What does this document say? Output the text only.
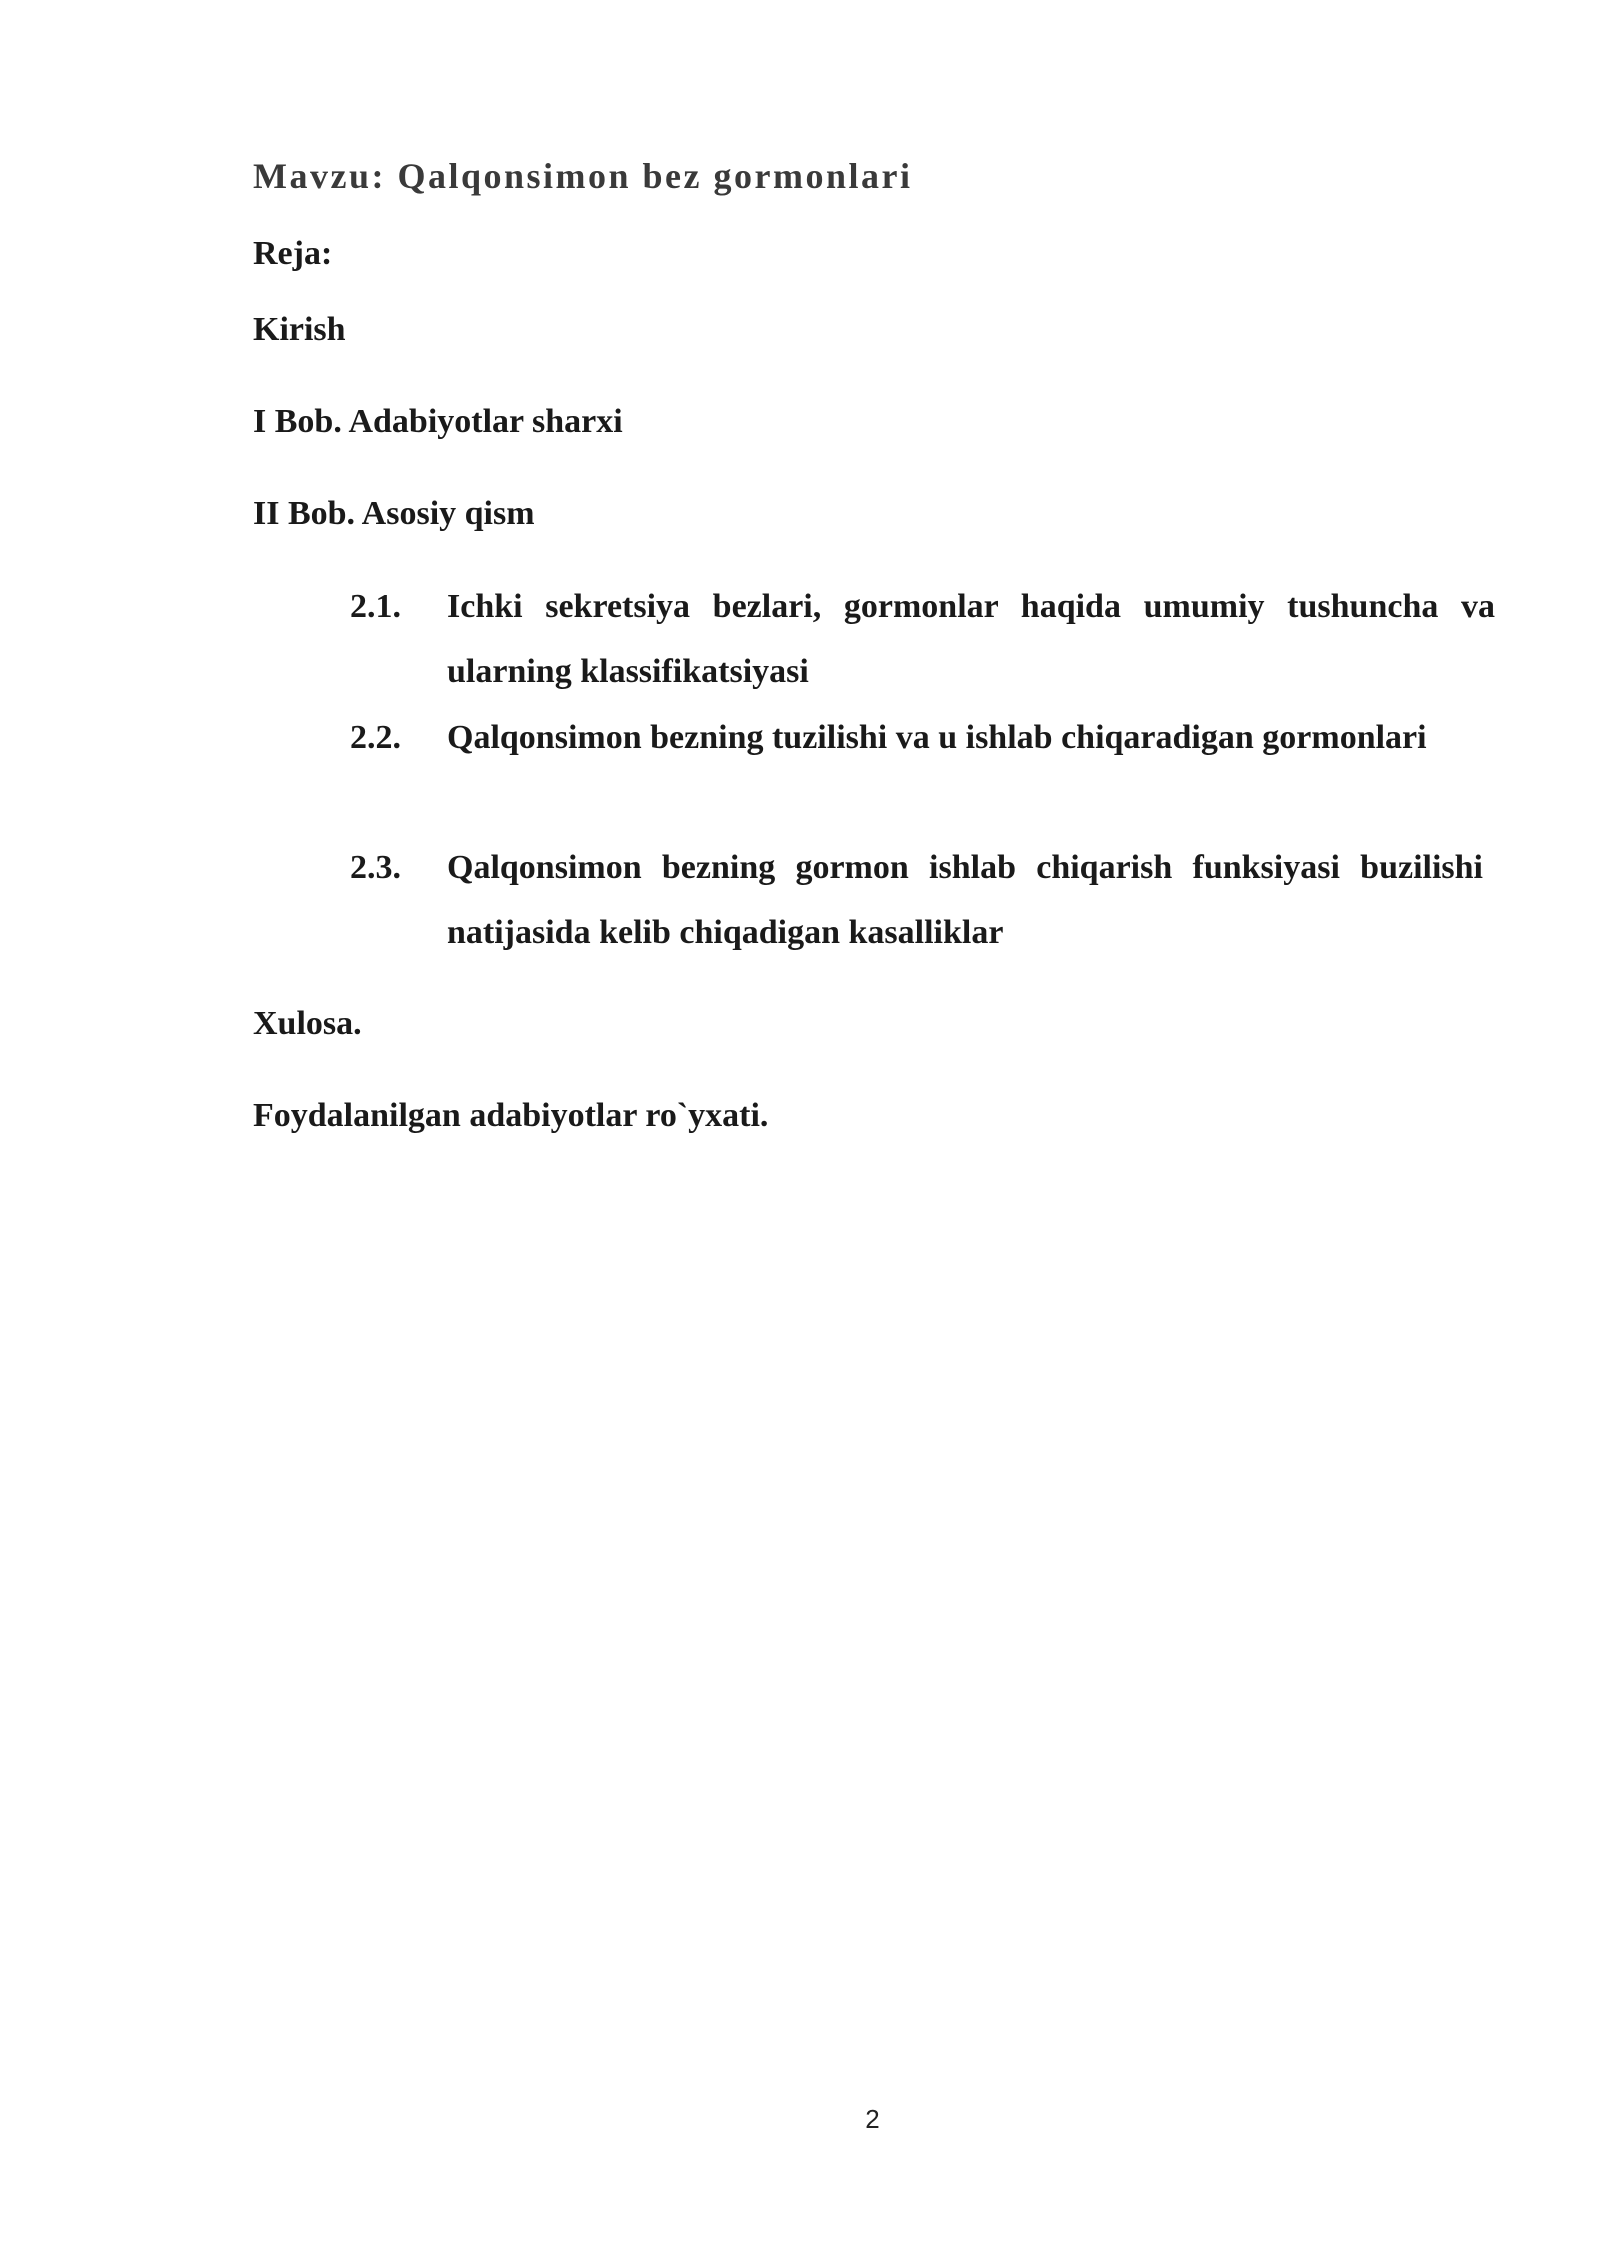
Mavzu: Qalqonsimon bez gormonlari

Reja:

Kirish

I Bob. Adabiyotlar sharxi

II Bob. Asosiy qism

2.1. Ichki sekretsiya bezlari, gormonlar haqida umumiy tushuncha va ularning klassifikatsiyasi

2.2. Qalqonsimon bezning tuzilishi va u ishlab chiqaradigan gormonlari

2.3. Qalqonsimon bezning gormon ishlab chiqarish funksiyasi buzilishi natijasida kelib chiqadigan kasalliklar

Xulosa.

Foydalanilgan adabiyotlar ro`yxati.

2
